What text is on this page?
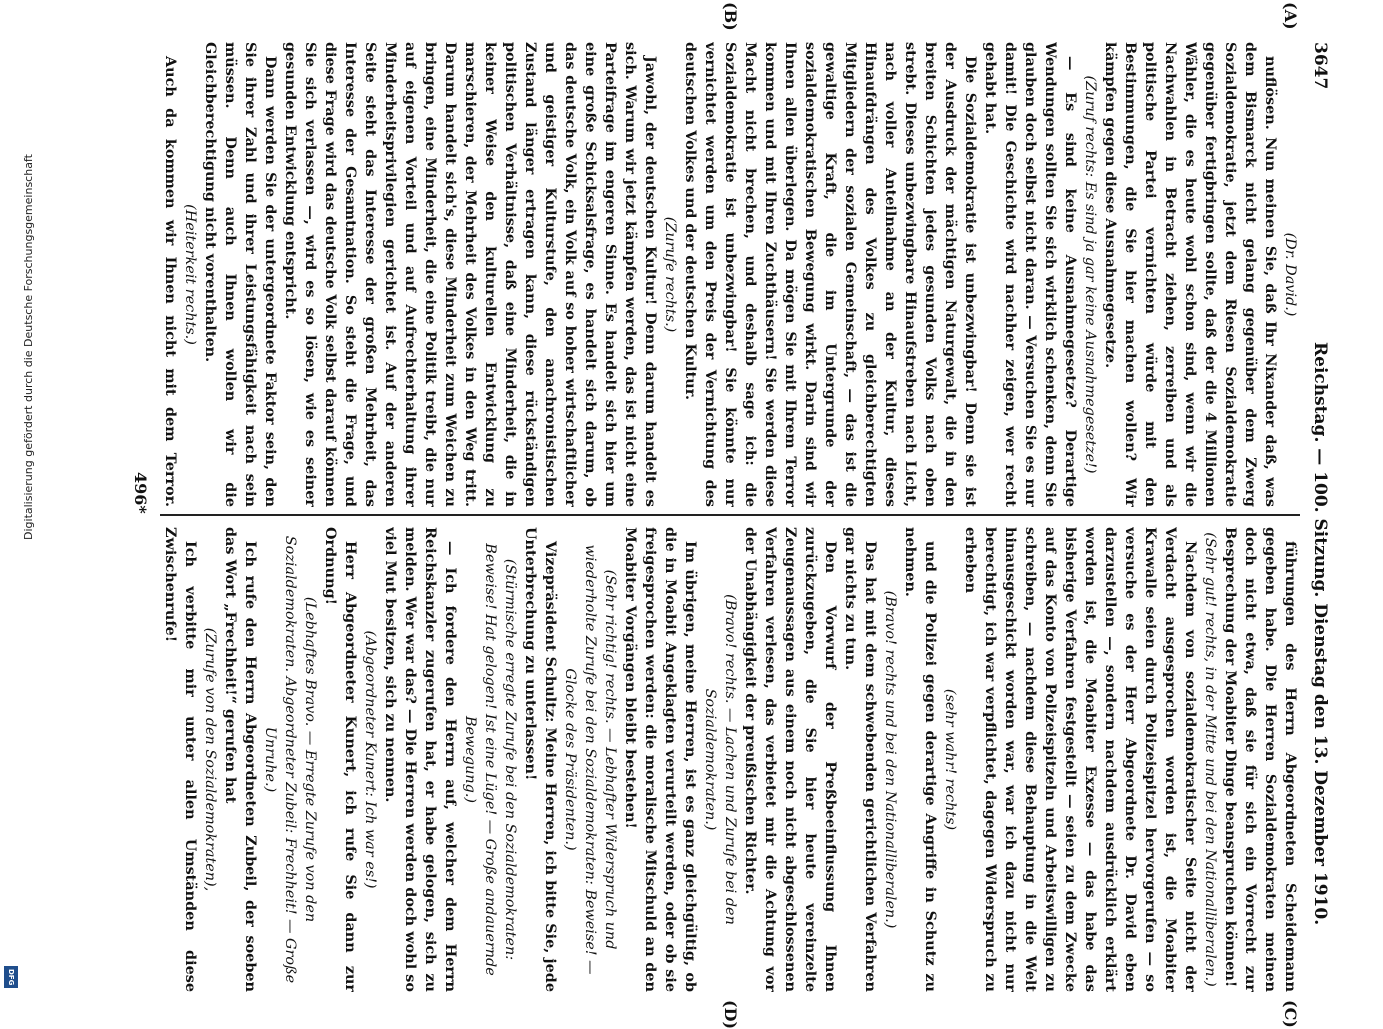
Digitalisierung gefördert durch die Deutsche Forschungsgemeinschaft
DFG
3647
Reichstag. — 100. Sitzung. Dienstag den 13. Dezember 1910.

(Dr. David.)

nuflösen. Nun meinen Sie, daß Ihr Nixander daß, was dem Bismarck nicht gelang gegenüber dem Zwerg Sozialdemokratie, jetzt dem Riesen Sozialdemokratie gegenüber fertigbringen sollte, daß der die 4 Millionen Wähler, die es heute wohl schon sind, wenn wir die Nachwahlen in Betracht ziehen, zerreiben und als politische Partei vernichten würde mit den Bestimmungen, die Sie hier machen wollen? Wir kämpfen gegen diese Ausnahmegesetze.

(Zuruf rechts: Es sind ja gar keine Ausnahmegesetze!)

— Es sind keine Ausnahmegesetze? Derartige Wendungen sollten Sie sich wirklich schenken, denn Sie glauben doch selbst nicht daran. — Versuchen Sie es nur damit! Die Geschichte wird nachher zeigen, wer recht gehabt hat.

Die Sozialdemokratie ist unbezwingbar! Denn sie ist der Ausdruck der mächtigen Naturgewalt, die in den breiten Schichten jedes gesunden Volks nach oben strebt. Dieses unbezwingbare Hinaufstreben nach Licht, nach voller Anteilnahme an der Kultur, dieses Hinaufdrängen des Volkes zu gleichberechtigten Mitgliedern der sozialen Gemeinschaft, — das ist die gewaltige Kraft, die im Untergrunde der sozialdemokratischen Bewegung wirkt. Darin sind wir Ihnen allen überlegen. Da mögen Sie mit Ihrem Terror kommen und mit Ihren Zuchthäusern! Sie werden diese Macht nicht brechen, und deshalb sage ich: die Sozialdemokratie ist unbezwingbar! Sie könnte nur vernichtet werden um den Preis der Vernichtung des deutschen Volkes und der deutschen Kultur.

(Zurufe rechts.)

Jawohl, der deutschen Kultur! Denn darum handelt es sich. Warum wir jetzt kämpfen werden, das ist nicht eine Parteifrage im engeren Sinne. Es handelt sich hier um eine große Schicksalsfrage, es handelt sich darum, ob das deutsche Volk, ein Volk auf so hoher wirtschaftlicher und geistiger Kulturstufe, den anachronistischen Zustand länger ertragen kann, diese rückständigen politischen Verhältnisse, daß eine Minderheit, die in keiner Weise den kulturellen Entwicklung zu marschieren, der Mehrheit des Volkes in den Weg tritt. Darum handelt sich's, diese Minderheit zum Weichen zu bringen, eine Minderheit, die eine Politik treibt, die nur auf eigenen Vorteil und auf Aufrechterhaltung ihrer Minderheitsprivilegien gerichtet ist. Auf der anderen Seite steht das Interesse der großen Mehrheit, das Interesse der Gesamtnation. So steht die Frage, und diese Frage wird das deutsche Volk selbst darauf können Sie sich verlassen —, wird es so lösen, wie es seiner gesunden Entwicklung entspricht.

Dann werden Sie der untergeordnete Faktor sein, den Sie ihrer Zahl und ihrer Leistungsfähigkeit nach sein müssen. Denn auch Ihnen wollen wir die Gleichberechtigung nicht vorenthalten.

(Heiterkeit rechts.)

Auch da kommen wir Ihnen nicht mit dem Terror.

führungen des Herrn Abgeordneten Scheidemann gegeben habe. Die Herren Sozialdemokraten meinen doch nicht etwa, daß sie für sich ein Vorrecht zur Besprechung der Moabiter Dinge beanspruchen können!

(Sehr gut! rechts, in der Mitte und bei den Nationalliberalen.)

Nachdem von sozialdemokratischer Seite nicht der Verdacht ausgesprochen worden ist, die Moabiter Krawalle seien durch Polizeispitzel hervorgerufen — so versuche es der Herr Abgeordnete Dr. David eben darzustellen —, sondern nachdem ausdrücklich erklärt worden ist, die Moabiter Exzesse — das habe das bisherige Verfahren festgestellt — seien zu dem Zwecke auf das Konto von Polizeispitzeln und Arbeitswilligen zu schreiben, — nachdem diese Behauptung in die Welt hinausgeschickt worden war, war ich dazu nicht nur berechtigt, ich war verpflichtet, dagegen Widerspruch zu erheben

(sehr wahr! rechts)

und die Polizei gegen derartige Angriffe in Schutz zu nehmen.

(Bravo! rechts und bei den Nationalliberalen.)

Das hat mit dem schwebenden gerichtlichen Verfahren gar nichts zu tun.

Den Vorwurf der Preßbeeinflussung Ihnen zurückzugeben, die Sie hier heute vereinzelte Zeugenaussagen aus einem noch nicht abgeschlossenen Verfahren verlesen, das verbietet mir die Achtung vor der Unabhängigkeit der preußischen Richter.

(Bravo! rechts. — Lachen und Zurufe bei den Sozialdemokraten.)

Im übrigen, meine Herren, ist es ganz gleichgültig, ob die in Moabit Angeklagten verurteilt werden, oder ob sie freigesprochen werden: die moralische Mitschuld an den Moabiter Vorgängen bleibt bestehen!

(Sehr richtig! rechts. — Lebhafter Widerspruch und wiederholte Zurufe bei den Sozialdemokraten: Beweise! — Glocke des Präsidenten.)

Vizepräsident Schultz: Meine Herren, ich bitte Sie, jede Unterbrechung zu unterlassen!

(Stürmische erregte Zurufe bei den Sozialdemokraten: Beweise! Hat gelogen! Ist eine Lüge! — Große andauernde Bewegung.)

— Ich fordere den Herrn auf, welcher dem Herrn Reichskanzler zugerufen hat, er habe gelogen, sich zu melden. Wer war das? — Die Herren werden doch wohl so viel Mut besitzen, sich zu nennen.

(Abgeordneter Kunert: Ich war es!)

Herr Abgeordneter Kunert, ich rufe Sie dann zur Ordnung!

(Lebhaftes Bravo. — Erregte Zurufe von den Sozialdemokraten. Abgeordneter Zubeil: Frechheit! — Große Unruhe.)

Ich rufe den Herrn Abgeordneten Zubeil, der soeben das Wort „Frechheit!“ gerufen hat

(Zurufe von den Sozialdemokraten),

Ich verbitte mir unter allen Umständen diese Zwischenrufe!

(A)
(B)
(C)
(D)
496*
